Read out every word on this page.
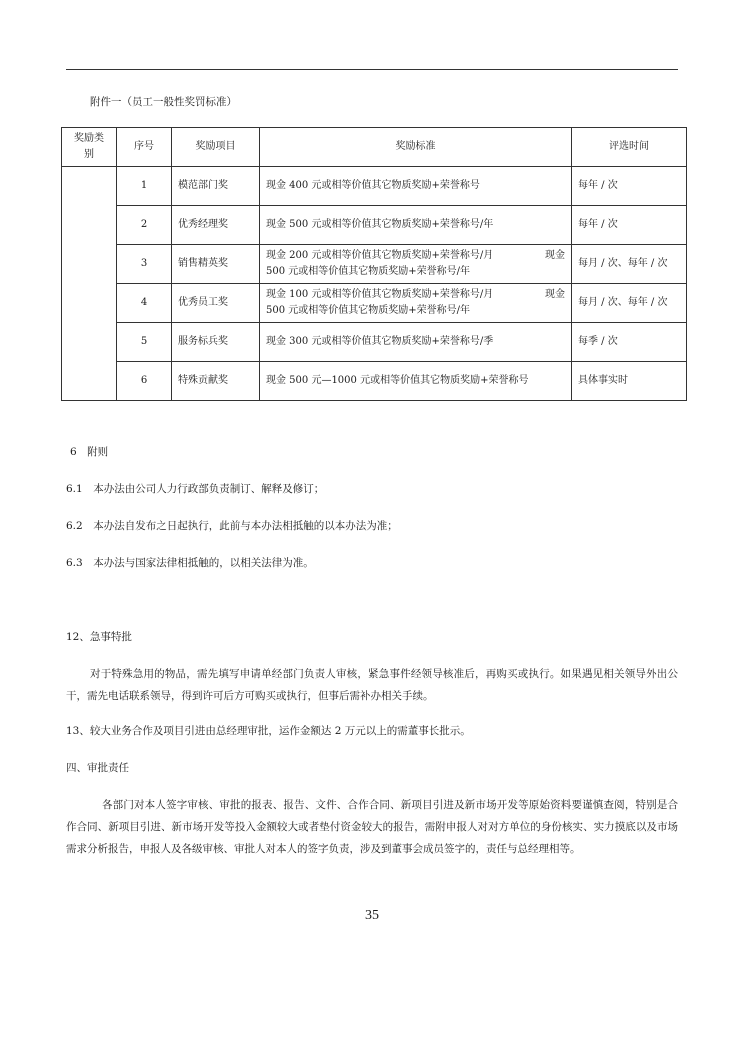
附件一（员工一般性奖罚标准）
奖励类别	序号	奖励项目	奖励标准	评选时间
	1	模范部门奖	现金 400 元或相等价值其它物质奖励+荣誉称号	每年 / 次
	2	优秀经理奖	现金 500 元或相等价值其它物质奖励+荣誉称号/年	每年 / 次
	3	销售精英奖	现金 200 元或相等价值其它物质奖励+荣誉称号/月 现金
500 元或相等价值其它物质奖励+荣誉称号/年	每月 / 次、每年 / 次
	4	优秀员工奖	现金 100 元或相等价值其它物质奖励+荣誉称号/月 现金
500 元或相等价值其它物质奖励+荣誉称号/年	每月 / 次、每年 / 次
	5	服务标兵奖	现金 300 元或相等价值其它物质奖励+荣誉称号/季	每季 / 次
	6	特殊贡献奖	现金 500 元—1000 元或相等价值其它物质奖励+荣誉称号	具体事实时
6　附则
6.1　本办法由公司人力行政部负责制订、解释及修订；
6.2　本办法自发布之日起执行，此前与本办法相抵触的以本办法为准；
6.3　本办法与国家法律相抵触的，以相关法律为准。
12、急事特批
对于特殊急用的物品，需先填写申请单经部门负责人审核，紧急事件经领导核准后，再购买或执行。如果遇见相关领导外出公干，需先电话联系领导，得到许可后方可购买或执行，但事后需补办相关手续。
13、较大业务合作及项目引进由总经理审批，运作金额达 2 万元以上的需董事长批示。
四、审批责任
各部门对本人签字审核、审批的报表、报告、文件、合作合同、新项目引进及新市场开发等原始资料要谨慎查阅，特别是合作合同、新项目引进、新市场开发等投入金额较大或者垫付资金较大的报告，需附申报人对对方单位的身份核实、实力摸底以及市场需求分析报告，申报人及各级审核、审批人对本人的签字负责，涉及到董事会成员签字的，责任与总经理相等。
35
